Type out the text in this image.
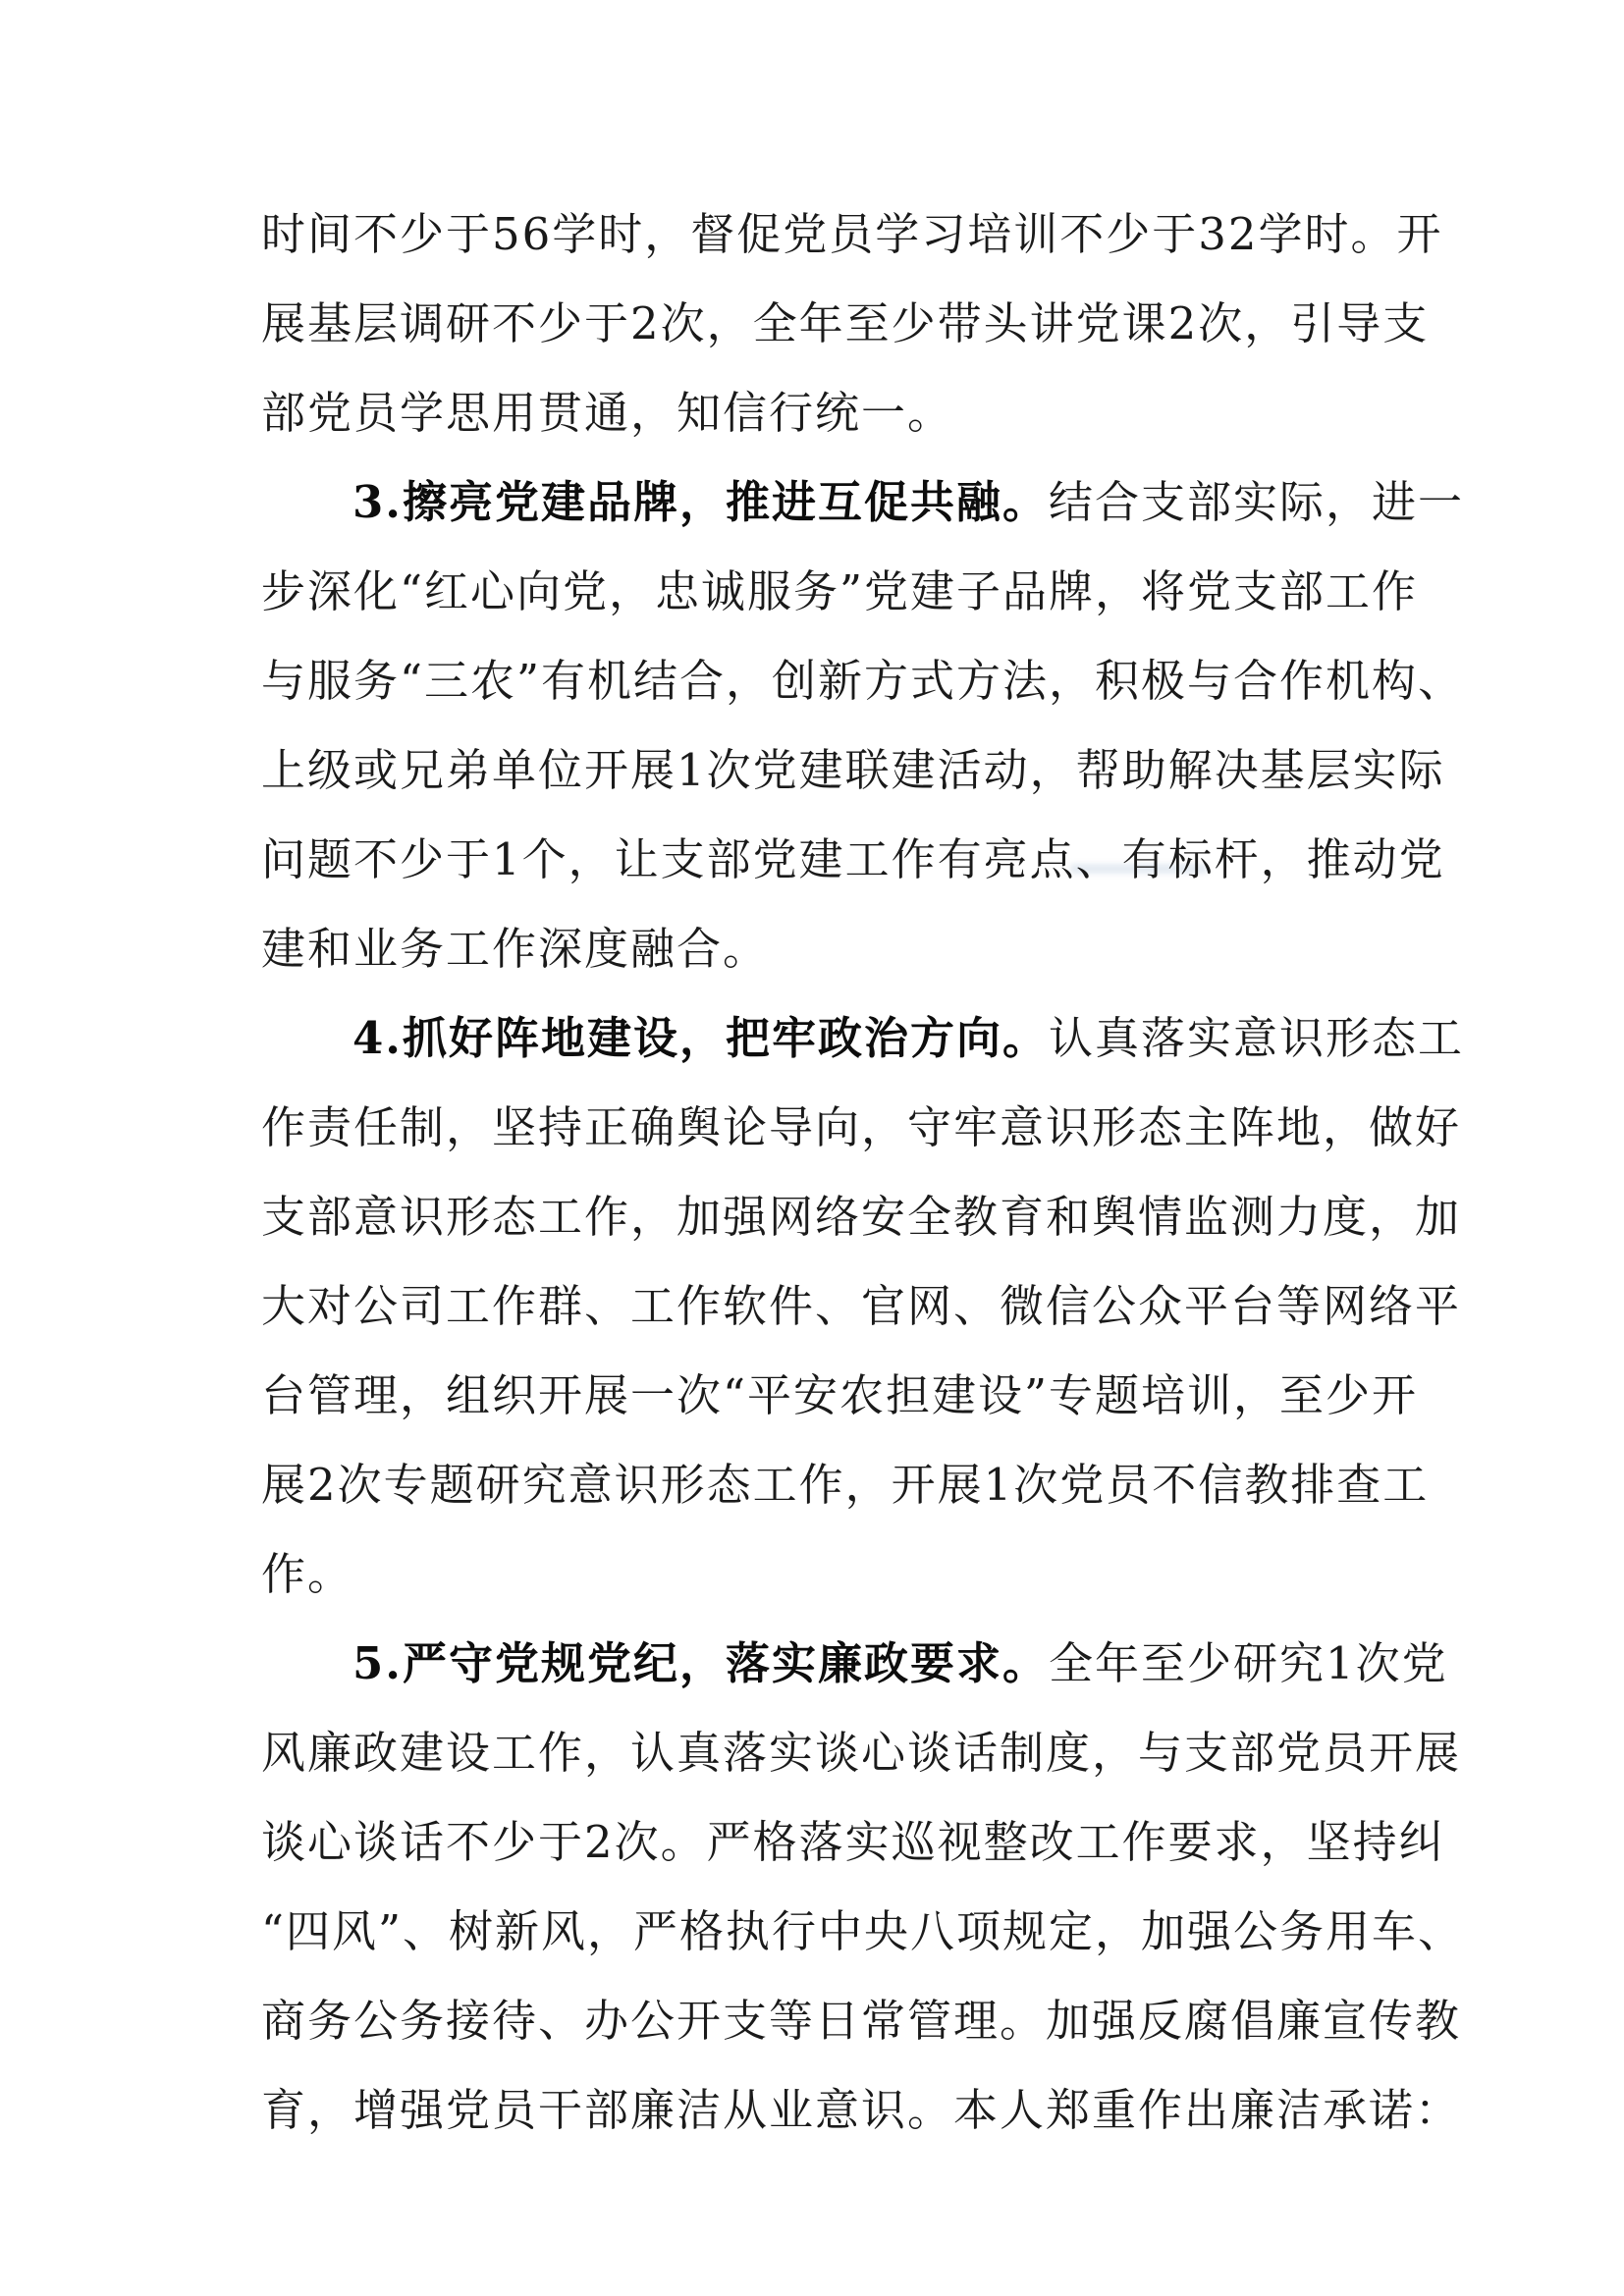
时间不少于56学时，督促党员学习培训不少于32学时。开
展基层调研不少于2次，全年至少带头讲党课2次，引导支
部党员学思用贯通，知信行统一。
3.擦亮党建品牌，推进互促共融。结合支部实际，进一
步深化“红心向党，忠诚服务”党建子品牌，将党支部工作
与服务“三农”有机结合，创新方式方法，积极与合作机构、
上级或兄弟单位开展1次党建联建活动，帮助解决基层实际
问题不少于1个，让支部党建工作有亮点、有标杆，推动党
建和业务工作深度融合。
4.抓好阵地建设，把牢政治方向。认真落实意识形态工
作责任制，坚持正确舆论导向，守牢意识形态主阵地，做好
支部意识形态工作，加强网络安全教育和舆情监测力度，加
大对公司工作群、工作软件、官网、微信公众平台等网络平
台管理，组织开展一次“平安农担建设”专题培训，至少开
展2次专题研究意识形态工作，开展1次党员不信教排查工
作。
5.严守党规党纪，落实廉政要求。全年至少研究1次党
风廉政建设工作，认真落实谈心谈话制度，与支部党员开展
谈心谈话不少于2次。严格落实巡视整改工作要求，坚持纠
“四风”、树新风，严格执行中央八项规定，加强公务用车、
商务公务接待、办公开支等日常管理。加强反腐倡廉宣传教
育，增强党员干部廉洁从业意识。本人郑重作出廉洁承诺：
